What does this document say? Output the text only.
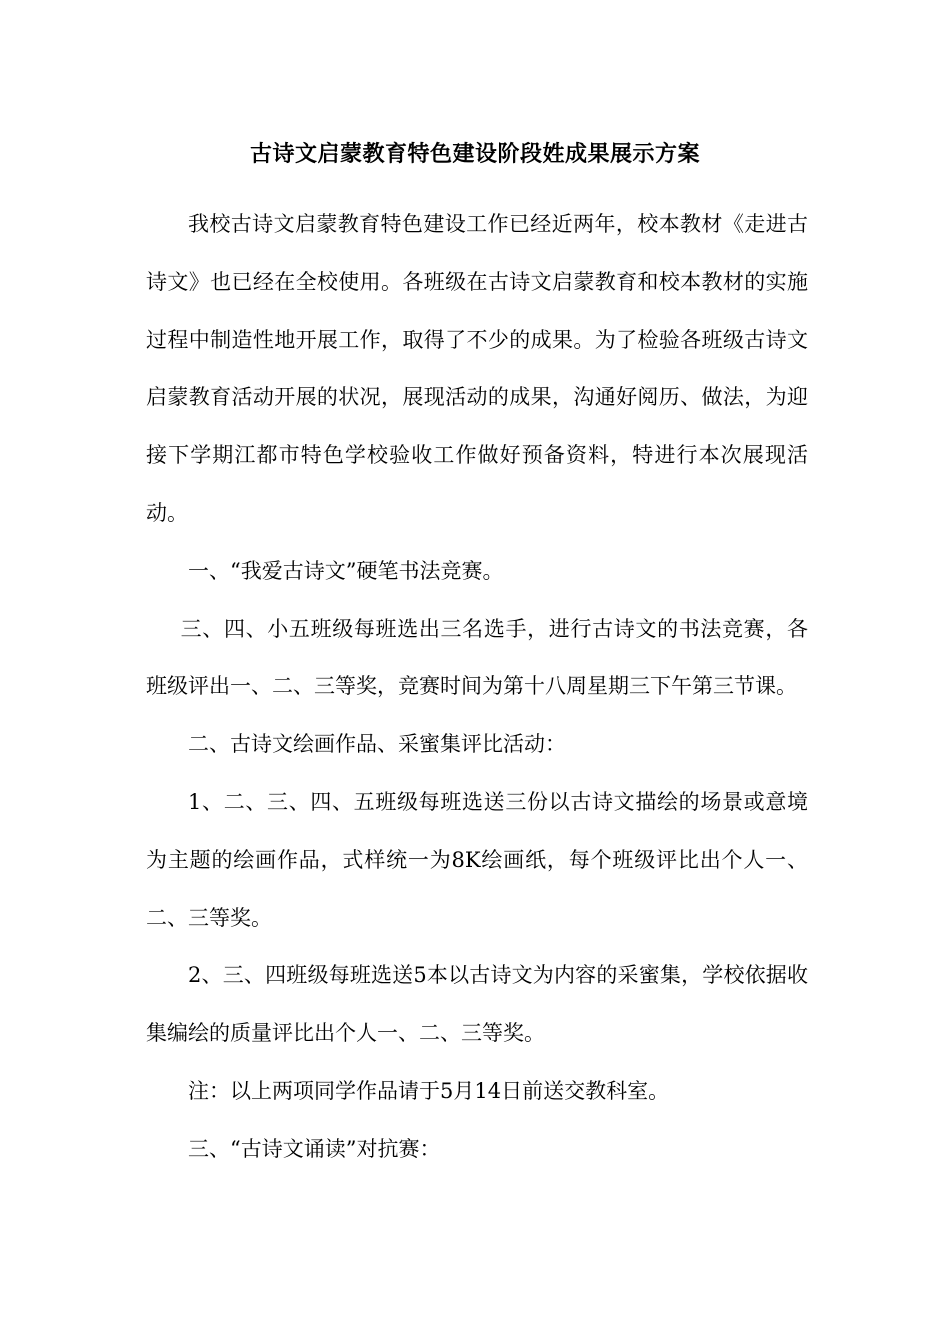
古诗文启蒙教育特色建设阶段姓成果展示方案

我校古诗文启蒙教育特色建设工作已经近两年，校本教材《走进古诗文》也已经在全校使用。各班级在古诗文启蒙教育和校本教材的实施过程中制造性地开展工作，取得了不少的成果。为了检验各班级古诗文启蒙教育活动开展的状况，展现活动的成果，沟通好阅历、做法，为迎接下学期江都市特色学校验收工作做好预备资料，特进行本次展现活动。

一、“我爱古诗文”硬笔书法竞赛。

三、四、小五班级每班选出三名选手，进行古诗文的书法竞赛，各班级评出一、二、三等奖，竞赛时间为第十八周星期三下午第三节课。

二、古诗文绘画作品、采蜜集评比活动：

1、二、三、四、五班级每班选送三份以古诗文描绘的场景或意境为主题的绘画作品，式样统一为8K绘画纸，每个班级评比出个人一、二、三等奖。

2、三、四班级每班选送5本以古诗文为内容的采蜜集，学校依据收集编绘的质量评比出个人一、二、三等奖。

注：以上两项同学作品请于5月14日前送交教科室。

三、“古诗文诵读”对抗赛：
